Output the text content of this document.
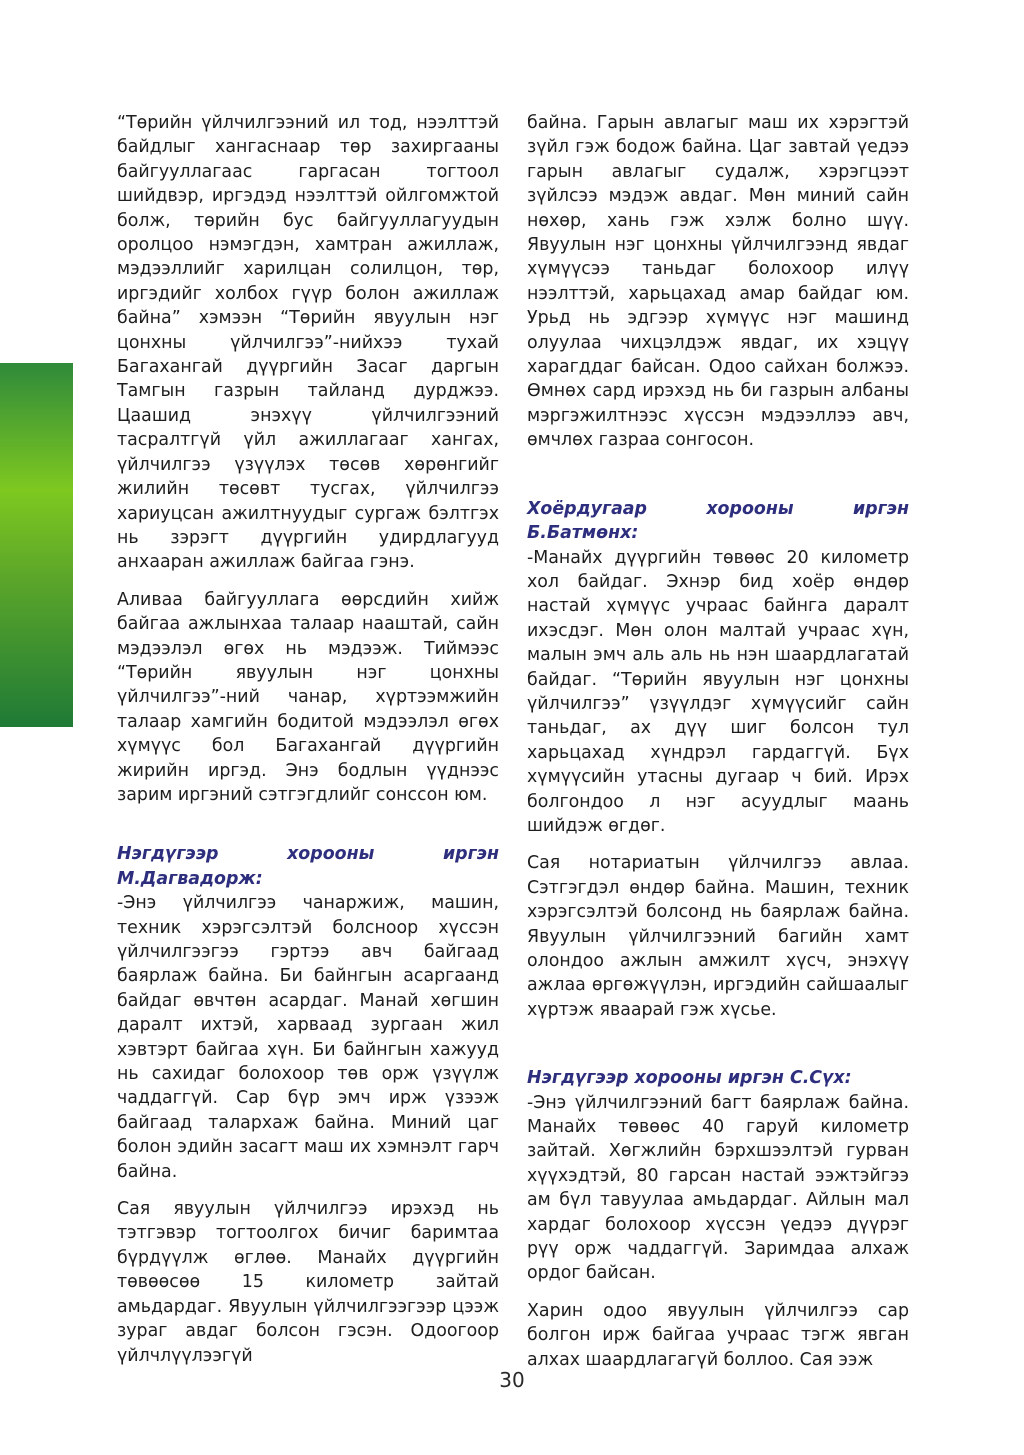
“Төрийн үйлчилгээний ил тод, нээлттэй байдлыг хангаснаар төр захиргааны байгууллагаас гаргасан тогтоол шийдвэр, иргэдэд нээлттэй ойлгомжтой болж, төрийн бус байгууллагуудын оролцоо нэмэгдэн, хамтран ажиллаж, мэдээллийг харилцан солилцон, төр, иргэдийг холбох гүүр болон ажиллаж байна” хэмээн “Төрийн явуулын нэг цонхны үйлчилгээ”-нийхээ тухай Багахангай дүүргийн Засаг даргын Тамгын газрын тайланд дурджээ. Цаашид энэхүү үйлчилгээний тасралтгүй үйл ажиллагааг хангах, үйлчилгээ үзүүлэх төсөв хөрөнгийг жилийн төсөвт тусгах, үйлчилгээ хариуцсан ажилтнуудыг сургаж бэлтгэх нь зэрэгт дүүргийн удирдлагууд анхааран ажиллаж байгаа гэнэ.

Аливаа байгууллага өөрсдийн хийж байгаа ажлынхаа талаар нааштай, сайн мэдээлэл өгөх нь мэдээж. Тиймээс “Төрийн явуулын нэг цонхны үйлчилгээ”-ний чанар, хүртээмжийн талаар хамгийн бодитой мэдээлэл өгөх хүмүүс бол Багахангай дүүргийн жирийн иргэд. Энэ бодлын үүднээс зарим иргэний сэтгэгдлийг сонссон юм.

Нэгдүгээр хорооны иргэн М.Дагвадорж:

-Энэ үйлчилгээ чанаржиж, машин, техник хэрэгсэлтэй болсноор хүссэн үйлчилгээгээ гэртээ авч байгаад баярлаж байна. Би байнгын асаргаанд байдаг өвчтөн асардаг. Манай хөгшин даралт ихтэй, харваад зургаан жил хэвтэрт байгаа хүн. Би байнгын хажууд нь сахидаг болохоор төв орж үзүүлж чаддаггүй. Сар бүр эмч ирж үзээж байгаад талархаж байна. Миний цаг болон эдийн засагт маш их хэмнэлт гарч байна.

Сая явуулын үйлчилгээ ирэхэд нь тэтгэвэр тогтоолгох бичиг баримтаа бүрдүүлж өглөө. Манайх дүүргийн төвөөсөө 15 километр зайтай амьдардаг. Явуулын үйлчилгээгээр цээж зураг авдаг болсон гэсэн. Одоогоор үйлчлүүлээгүй

байна. Гарын авлагыг маш их хэрэгтэй зүйл гэж бодож байна. Цаг завтай үедээ гарын авлагыг судалж, хэрэгцээт зүйлсээ мэдэж авдаг. Мөн миний сайн нөхөр, хань гэж хэлж болно шүү. Явуулын нэг цонхны үйлчилгээнд явдаг хүмүүсээ таньдаг болохоор илүү нээлттэй, харьцахад амар байдаг юм. Урьд нь эдгээр хүмүүс нэг машинд олуулаа чихцэлдэж явдаг, их хэцүү харагддаг байсан. Одоо сайхан болжээ. Өмнөх сард ирэхэд нь би газрын албаны мэргэжилтнээс хүссэн мэдээллээ авч, өмчлөх газраа сонгосон.

Хоёрдугаар хорооны иргэн Б.Батмөнх:

-Манайх дүүргийн төвөөс 20 километр хол байдаг. Эхнэр бид хоёр өндөр настай хүмүүс учраас байнга даралт ихэсдэг. Мөн олон малтай учраас хүн, малын эмч аль аль нь нэн шаардлагатай байдаг. “Төрийн явуулын нэг цонхны үйлчилгээ” үзүүлдэг хүмүүсийг сайн таньдаг, ах дүү шиг болсон тул харьцахад хүндрэл гардаггүй. Бүх хүмүүсийн утасны дугаар ч бий. Ирэх болгондоо л нэг асуудлыг маань шийдэж өгдөг.

Сая нотариатын үйлчилгээ авлаа. Сэтгэгдэл өндөр байна. Машин, техник хэрэгсэлтэй болсонд нь баярлаж байна. Явуулын үйлчилгээний багийн хамт олондоо ажлын амжилт хүсч, энэхүү ажлаа өргөжүүлэн, иргэдийн сайшаалыг хүртэж яваарай гэж хүсье.

Нэгдүгээр хорооны иргэн С.Сүх:

-Энэ үйлчилгээний багт баярлаж байна. Манайх төвөөс 40 гаруй километр зайтай. Хөгжлийн бэрхшээлтэй гурван хүүхэдтэй, 80 гарсан настай ээжтэйгээ ам бүл тавуулаа амьдардаг. Айлын мал хардаг болохоор хүссэн үедээ дүүрэг рүү орж чаддаггүй. Заримдаа алхаж ордог байсан.

Харин одоо явуулын үйлчилгээ сар болгон ирж байгаа учраас тэгж явган алхах шаардлагагүй боллоо. Сая ээж

30
